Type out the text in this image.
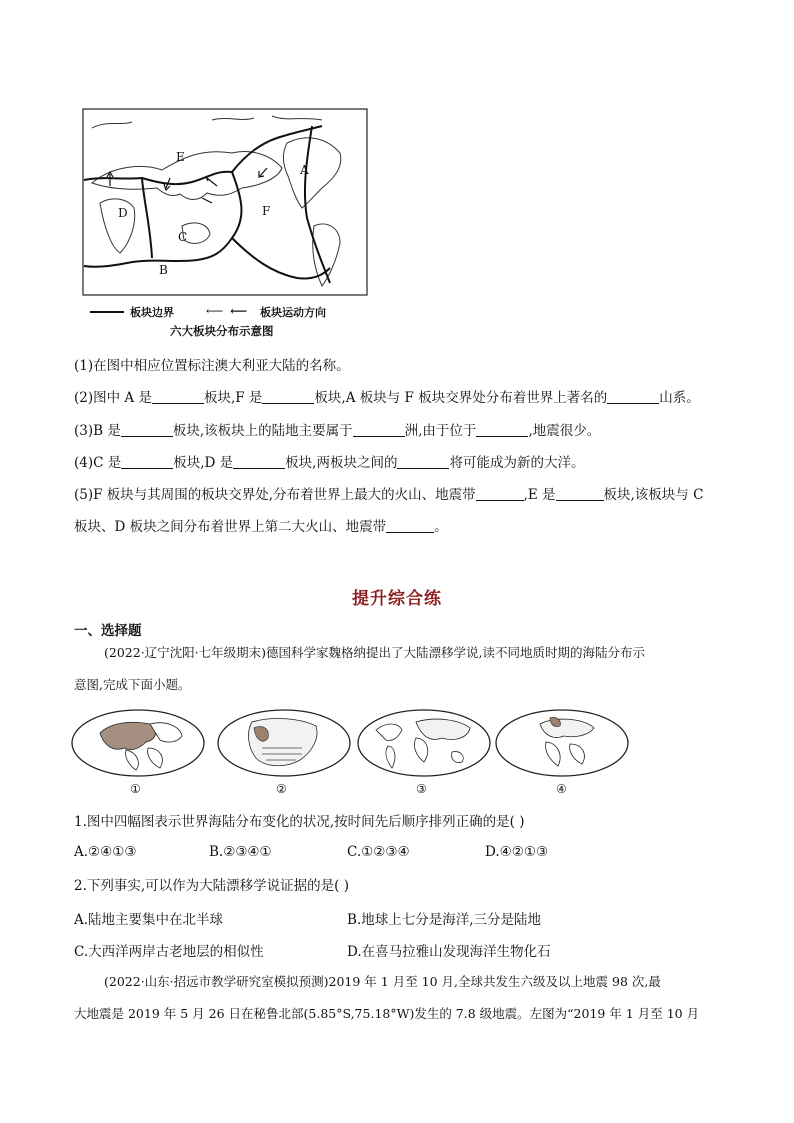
E
A
D	F
C
B
板块边界	⟵ ⟵ 板块运动方向
六大板块分布示意图
(1)在图中相应位置标注澳大利亚大陆的名称。
(2)图中 A 是	板块,F 是	板块,A 板块与 F 板块交界处分布着世界上著名的	山系。
(3)B 是	板块,该板块上的陆地主要属于	洲,由于位于	,地震很少。
(4)C 是	板块,D 是	板块,两板块之间的	将可能成为新的大洋。
(5)F 板块与其周围的板块交界处,分布着世界上最大的火山、地震带	,E 是	板块,该板块与 C
板块、D 板块之间分布着世界上第二大火山、地震带	。
提升综合练
一、选择题
(2022·辽宁沈阳·七年级期末)德国科学家魏格纳提出了大陆漂移学说,读不同地质时期的海陆分布示
意图,完成下面小题。
①	②	③	④
1.图中四幅图表示世界海陆分布变化的状况,按时间先后顺序排列正确的是( )
A.②④①③	B.②③④①	C.①②③④	D.④②①③
2.下列事实,可以作为大陆漂移学说证据的是( )
A.陆地主要集中在北半球	B.地球上七分是海洋,三分是陆地
C.大西洋两岸古老地层的相似性	D.在喜马拉雅山发现海洋生物化石
(2022·山东·招远市教学研究室模拟预测)2019 年 1 月至 10 月,全球共发生六级及以上地震 98 次,最
大地震是 2019 年 5 月 26 日在秘鲁北部(5.85°S,75.18°W)发生的 7.8 级地震。左图为“2019 年 1 月至 10 月
